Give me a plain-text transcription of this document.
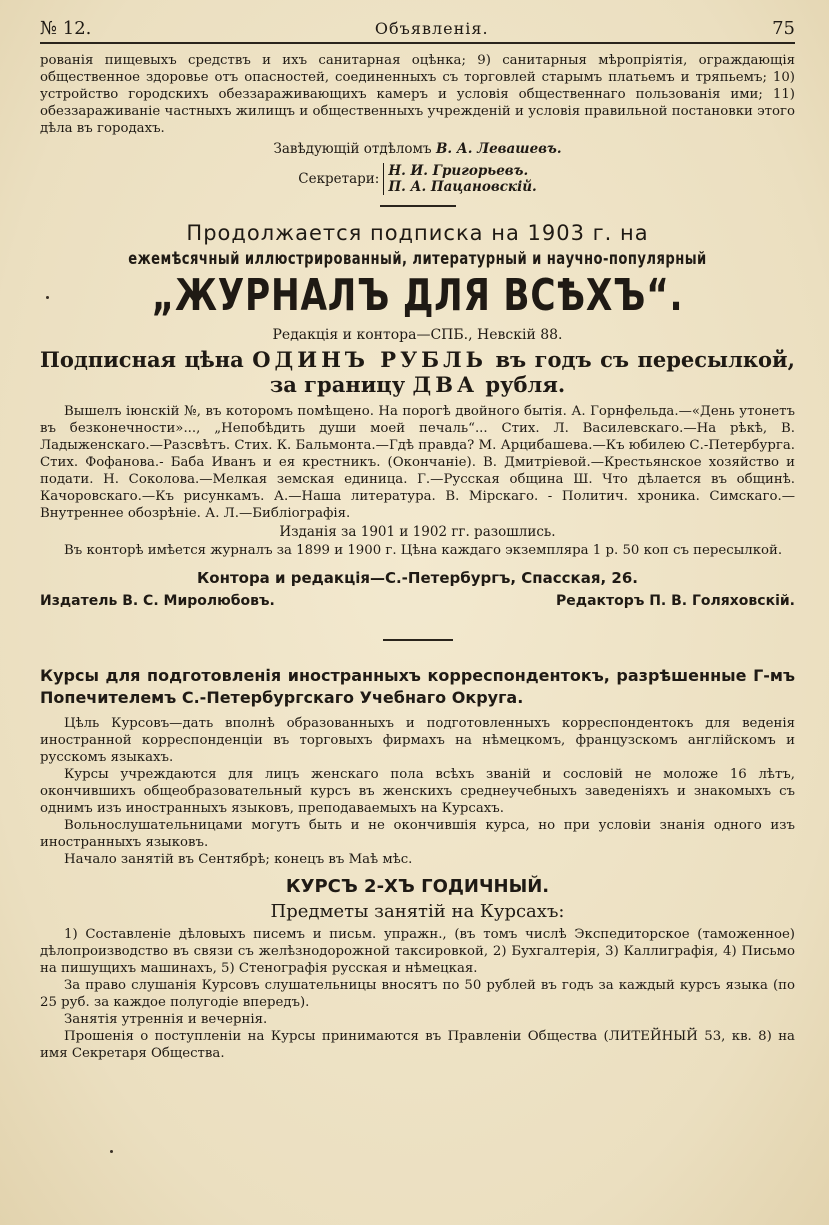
№ 12.	Объявленія.	75

рованія пищевыхъ средствъ и ихъ санитарная оцѣнка; 9) санитарныя мѣропріятія, ограждающія общественное здоровье отъ опасностей, соединенныхъ съ торговлей старымъ платьемъ и тряпьемъ; 10) устройство городскихъ обеззараживающихъ камеръ и условія общественнаго пользованія ими; 11) обеззараживаніе частныхъ жилищъ и общественныхъ учрежденій и условія правильной постановки этого дѣла въ городахъ.

Завѣдующій отдѣломъ В. А. Левашевъ.
Секретари: Н. И. Григорьевъ.
П. А. Пацановскій.
Продолжается подписка на 1903 г. на
ежемѣсячный иллюстрированный, литературный и научно-популярный
„ЖУРНАЛЪ ДЛЯ ВСѢХЪ“.
Редакція и контора—СПБ., Невскій 88.
Подписная цѣна ОДИНЪ РУБЛЬ въ годъ съ пересылкой,
за границу ДВА рубля.

Вышелъ іюнскій №, въ которомъ помѣщено. На порогѣ двойного бытія. А. Горнфельда.—«День утонетъ въ безконечности»..., „Непобѣдить души моей печаль“... Стих. Л. Василевскаго.—На рѣкѣ, В. Ладыженскаго.—Разсвѣтъ. Стих. К. Бальмонта.—Гдѣ правда? М. Арцибашева.—Къ юбилею С.-Петербурга. Стих. Фофанова.- Баба Иванъ и ея крестникъ. (Окончаніе). В. Дмитріевой.—Крестьянское хозяйство и подати. Н. Соколова.—Мелкая земская единица. Г.—Русская община Ш. Что дѣлается въ общинѣ. Качоровскаго.—Къ рисункамъ. А.—Наша литература. В. Мірскаго. - Политич. хроника. Симскаго.—Внутреннее обозрѣніе. А. Л.—Библіографія.

Изданія за 1901 и 1902 гг. разошлись.

Въ конторѣ имѣется журналъ за 1899 и 1900 г. Цѣна каждаго экземпляра 1 р. 50 коп съ пересылкой.

Контора и редакція—С.-Петербургъ, Спасская, 26.
Издатель В. С. Миролюбовъ.	Редакторъ П. В. Голяховскій.
Курсы для подготовленія иностранныхъ корреспондентокъ, разрѣшенные Г-мъ Попечителемъ С.-Петербургскаго Учебнаго Округа.

Цѣль Курсовъ—дать вполнѣ образованныхъ и подготовленныхъ корреспондентокъ для веденія иностранной корреспонденціи въ торговыхъ фирмахъ на нѣмецкомъ, французскомъ англійскомъ и русскомъ языкахъ.

Курсы учреждаются для лицъ женскаго пола всѣхъ званій и сословій не моложе 16 лѣтъ, окончившихъ общеобразовательный курсъ въ женскихъ среднеучебныхъ заведеніяхъ и знакомыхъ съ однимъ изъ иностранныхъ языковъ, преподаваемыхъ на Курсахъ.

Вольнослушательницами могутъ быть и не окончившія курса, но при условіи знанія одного изъ иностранныхъ языковъ.

Начало занятій въ Сентябрѣ; конецъ въ Маѣ мѣс.

КУРСЪ 2-ХЪ ГОДИЧНЫЙ.
Предметы занятій на Курсахъ:

1) Составленіе дѣловыхъ писемъ и письм. упражн., (въ томъ числѣ Экспедиторское (таможенное) дѣлопроизводство въ связи съ желѣзнодорожной таксировкой, 2) Бухгалтерія, 3) Каллиграфія, 4) Письмо на пишущихъ машинахъ, 5) Стенографія русская и нѣмецкая.

За право слушанія Курсовъ слушательницы вносятъ по 50 рублей въ годъ за каждый курсъ языка (по 25 руб. за каждое полугодіе впередъ).

Занятія утреннія и вечернія.

Прошенія о поступленіи на Курсы принимаются въ Правленіи Общества (ЛИТЕЙНЫЙ 53, кв. 8) на имя Секретаря Общества.
